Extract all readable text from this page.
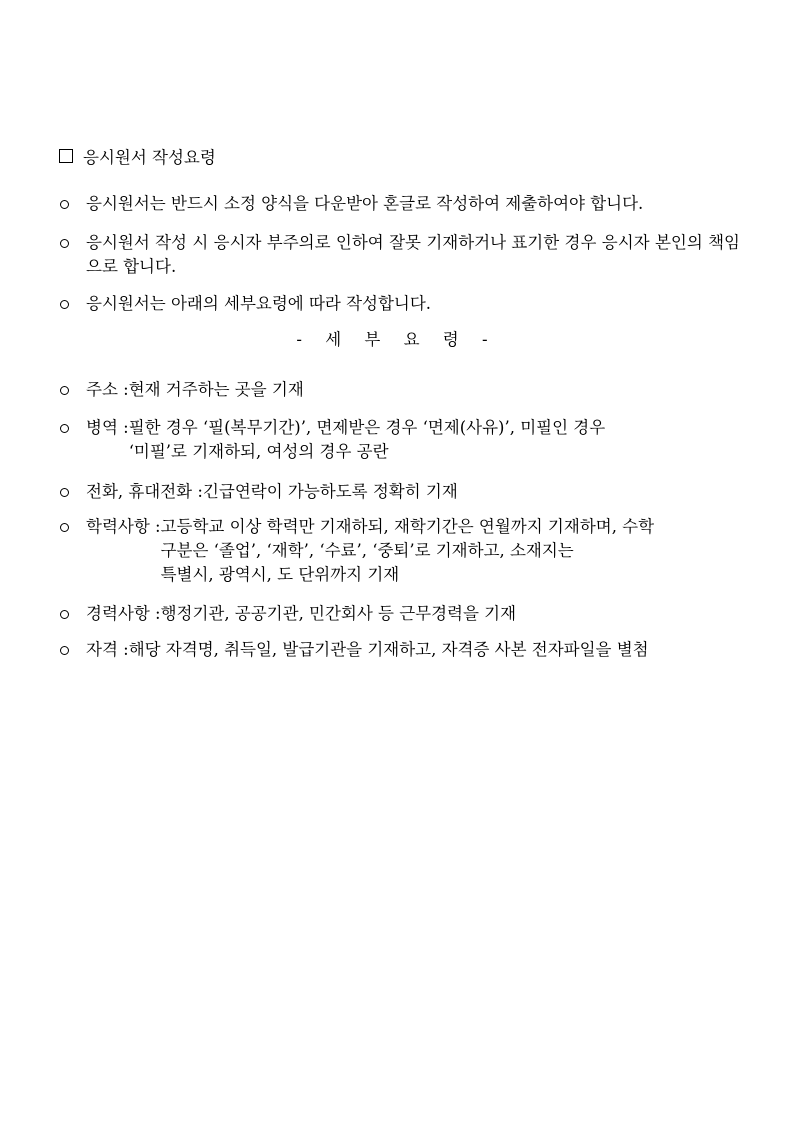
응시원서 작성요령
응시원서는 반드시 소정 양식을 다운받아 혼글로 작성하여 제출하여야 합니다.
응시원서 작성 시 응시자 부주의로 인하여 잘못 기재하거나 표기한 경우 응시자 본인의 책임으로 합니다.
응시원서는 아래의 세부요령에 따라 작성합니다.
- 세 부 요 령 -
주소 : 현재 거주하는 곳을 기재
병역 : 필한 경우 ‘필(복무기간)’, 면제받은 경우 ‘면제(사유)’, 미필인 경우
‘미필’로 기재하되, 여성의 경우 공란
전화, 휴대전화 : 긴급연락이 가능하도록 정확히 기재
학력사항 : 고등학교 이상 학력만 기재하되, 재학기간은 연월까지 기재하며, 수학
구분은 ‘졸업’, ‘재학’, ‘수료’, ‘중퇴’로 기재하고, 소재지는
특별시, 광역시, 도 단위까지 기재
경력사항 : 행정기관, 공공기관, 민간회사 등 근무경력을 기재
자격 : 해당 자격명, 취득일, 발급기관을 기재하고, 자격증 사본 전자파일을 별첨
